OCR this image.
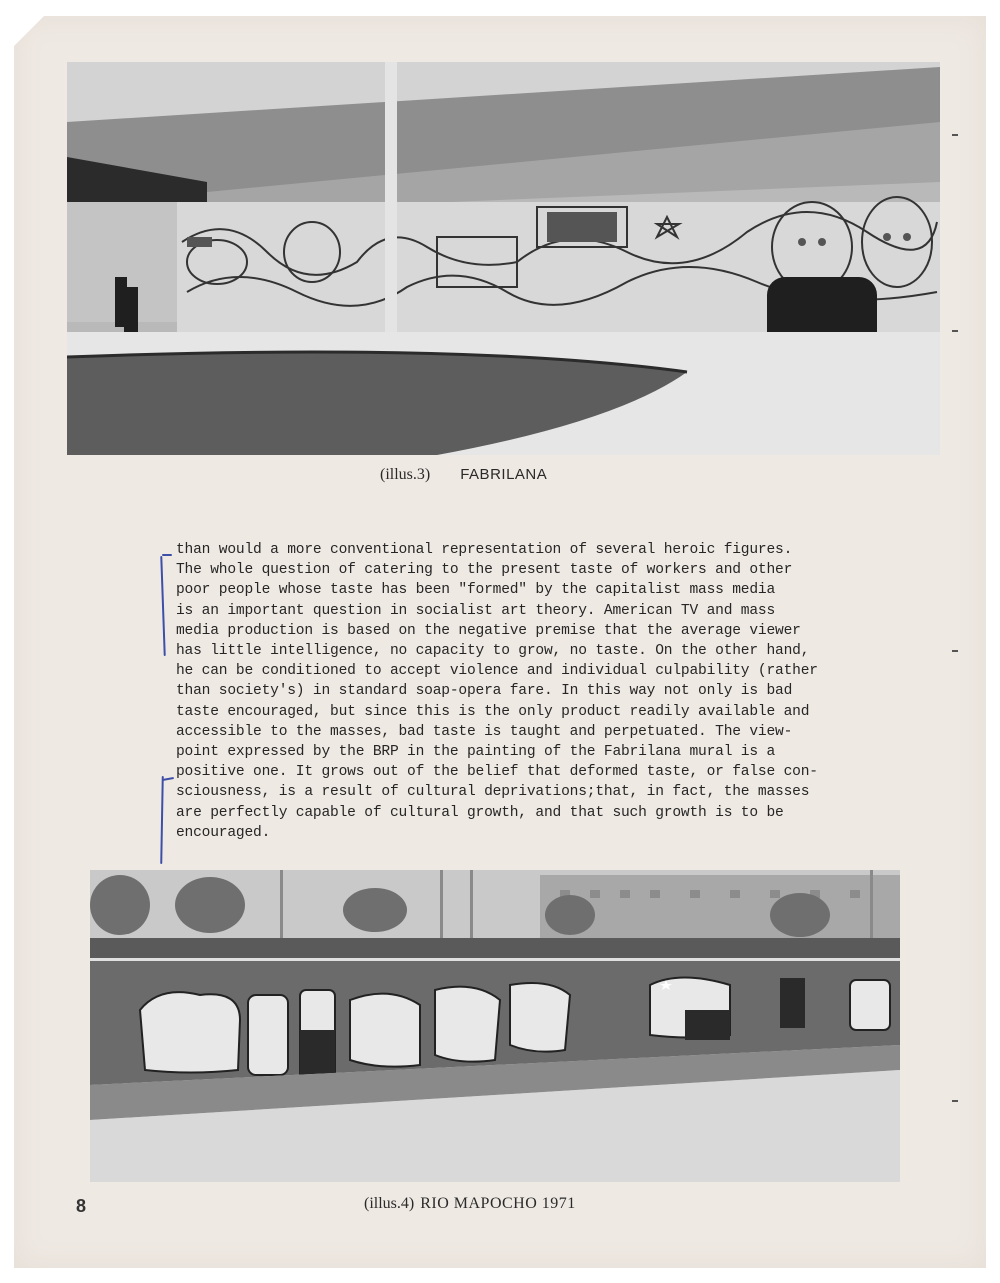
(illus.3) FABRILANA
than would a more conventional representation of several heroic figures.
The whole question of catering to the present taste of workers and other
poor people whose taste has been "formed" by the capitalist mass media
is an important question in socialist art theory. American TV and mass
media production is based on the negative premise that the average viewer
has little intelligence, no capacity to grow, no taste. On the other hand,
he can be conditioned to accept violence and individual culpability (rather
than society's) in standard soap-opera fare. In this way not only is bad
taste encouraged, but since this is the only product readily available and
accessible to the masses, bad taste is taught and perpetuated. The view-
point expressed by the BRP in the painting of the Fabrilana mural is a
positive one. It grows out of the belief that deformed taste, or false con-
sciousness, is a result of cultural deprivations;that, in fact, the masses
are perfectly capable of cultural growth, and that such growth is to be
encouraged.
8	(illus.4) RIO MAPOCHO 1971
